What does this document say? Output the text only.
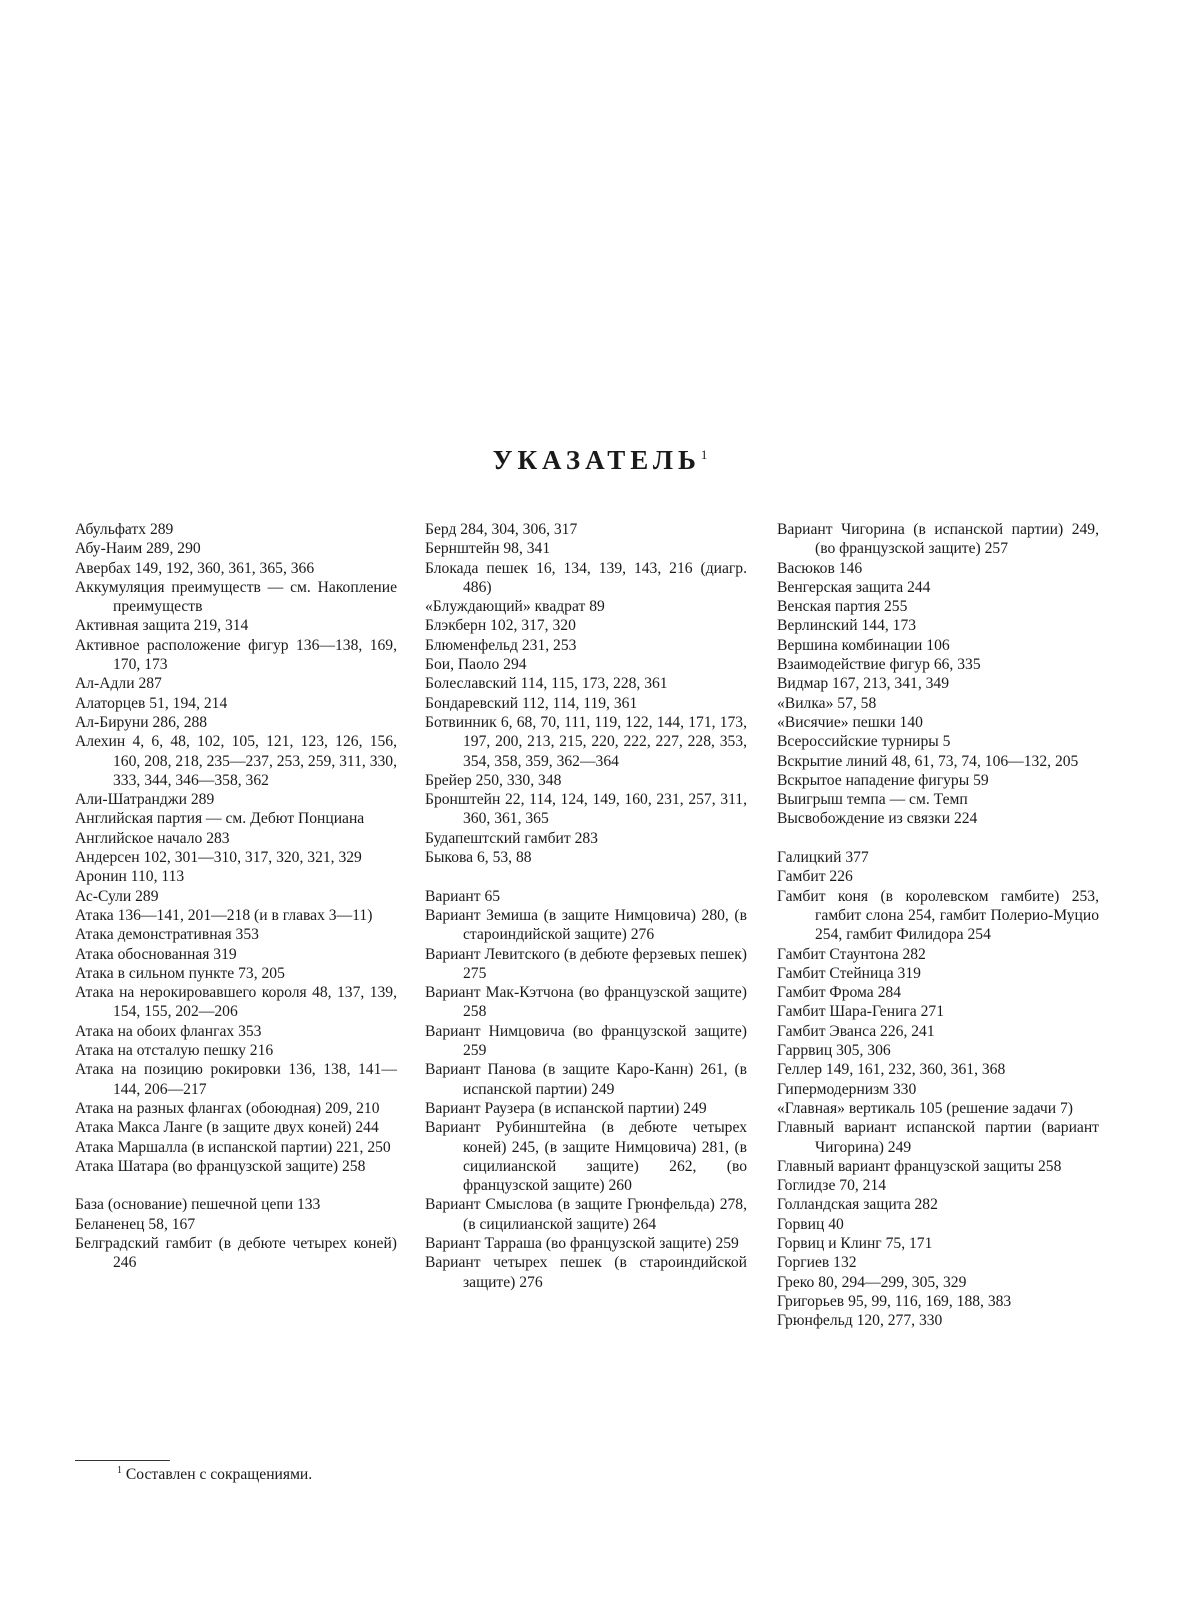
УКАЗАТЕЛЬ$^1$

Абульфатх 289

Абу-Наим 289, 290

Авербах 149, 192, 360, 361, 365, 366

Аккумуляция преимуществ — см. Накопление преимуществ

Активная защита 219, 314

Активное расположение фигур 136—138, 169, 170, 173

Ал-Адли 287

Алаторцев 51, 194, 214

Ал-Бируни 286, 288

Алехин 4, 6, 48, 102, 105, 121, 123, 126, 156, 160, 208, 218, 235—237, 253, 259, 311, 330, 333, 344, 346—358, 362

Али-Шатранджи 289

Английская партия — см. Дебют Понциана

Английское начало 283

Андерсен 102, 301—310, 317, 320, 321, 329

Аронин 110, 113

Ас-Сули 289

Атака 136—141, 201—218 (и в главах 3—11)

Атака демонстративная 353

Атака обоснованная 319

Атака в сильном пункте 73, 205

Атака на нерокировавшего короля 48, 137, 139, 154, 155, 202—206

Атака на обоих флангах 353

Атака на отсталую пешку 216

Атака на позицию рокировки 136, 138, 141—144, 206—217

Атака на разных флангах (обоюдная) 209, 210

Атака Макса Ланге (в защите двух коней) 244

Атака Маршалла (в испанской партии) 221, 250

Атака Шатара (во французской защите) 258

База (основание) пешечной цепи 133

Беланенец 58, 167

Белградский гамбит (в дебюте четырех коней) 246

Берд 284, 304, 306, 317

Бернштейн 98, 341

Блокада пешек 16, 134, 139, 143, 216 (диагр. 486)

«Блуждающий» квадрат 89

Блэкберн 102, 317, 320

Блюменфельд 231, 253

Бои, Паоло 294

Болеславский 114, 115, 173, 228, 361

Бондаревский 112, 114, 119, 361

Ботвинник 6, 68, 70, 111, 119, 122, 144, 171, 173, 197, 200, 213, 215, 220, 222, 227, 228, 353, 354, 358, 359, 362—364

Брейер 250, 330, 348

Бронштейн 22, 114, 124, 149, 160, 231, 257, 311, 360, 361, 365

Будапештский гамбит 283

Быкова 6, 53, 88

Вариант 65

Вариант Земиша (в защите Нимцовича) 280, (в староиндийской защите) 276

Вариант Левитского (в дебюте ферзевых пешек) 275

Вариант Мак-Кэтчона (во французской защите) 258

Вариант Нимцовича (во французской защите) 259

Вариант Панова (в защите Каро-Канн) 261, (в испанской партии) 249

Вариант Раузера (в испанской партии) 249

Вариант Рубинштейна (в дебюте четырех коней) 245, (в защите Нимцовича) 281, (в сицилианской защите) 262, (во французской защите) 260

Вариант Смыслова (в защите Грюнфельда) 278, (в сицилианской защите) 264

Вариант Тарраша (во французской защите) 259

Вариант четырех пешек (в староиндийской защите) 276

Вариант Чигорина (в испанской партии) 249, (во французской защите) 257

Васюков 146

Венгерская защита 244

Венская партия 255

Верлинский 144, 173

Вершина комбинации 106

Взаимодействие фигур 66, 335

Видмар 167, 213, 341, 349

«Вилка» 57, 58

«Висячие» пешки 140

Всероссийские турниры 5

Вскрытие линий 48, 61, 73, 74, 106—132, 205

Вскрытое нападение фигуры 59

Выигрыш темпа — см. Темп

Высвобождение из связки 224

Галицкий 377

Гамбит 226

Гамбит коня (в королевском гамбите) 253, гамбит слона 254, гамбит Полерио-Муцио 254, гамбит Филидора 254

Гамбит Стаунтона 282

Гамбит Стейница 319

Гамбит Фрома 284

Гамбит Шара-Генига 271

Гамбит Эванса 226, 241

Гаррвиц 305, 306

Геллер 149, 161, 232, 360, 361, 368

Гипермодернизм 330

«Главная» вертикаль 105 (решение задачи 7)

Главный вариант испанской партии (вариант Чигорина) 249

Главный вариант французской защиты 258

Гоглидзе 70, 214

Голландская защита 282

Горвиц 40

Горвиц и Клинг 75, 171

Горгиев 132

Греко 80, 294—299, 305, 329

Григорьев 95, 99, 116, 169, 188, 383

Грюнфельд 120, 277, 330

$^1$ Составлен с сокращениями.
